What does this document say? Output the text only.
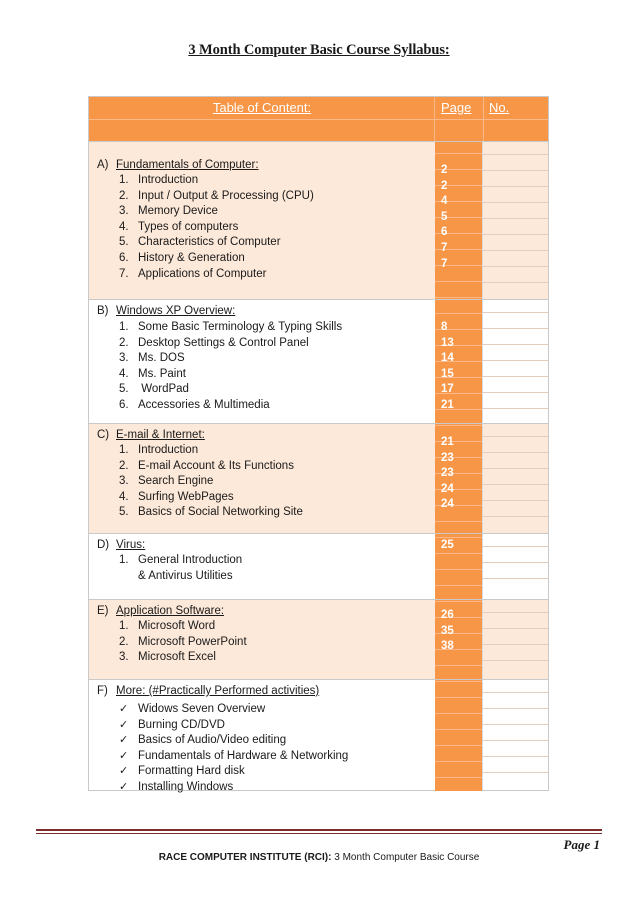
3 Month Computer Basic Course Syllabus:
Table of Content:	Page No.
A) Fundamentals of Computer:
1. Introduction
2. Input / Output & Processing (CPU)
3. Memory Device
4. Types of computers
5. Characteristics of Computer
6. History & Generation
7. Applications of Computer
2
2
4
5
6
7
7
B) Windows XP Overview:
1. Some Basic Terminology & Typing Skills
2. Desktop Settings & Control Panel
3. Ms. DOS
4. Ms. Paint
5. WordPad
6. Accessories & Multimedia
8
13
14
15
17
21
C) E-mail & Internet:
1. Introduction
2. E-mail Account & Its Functions
3. Search Engine
4. Surfing WebPages
5. Basics of Social Networking Site
21
23
23
24
24
D) Virus:
1. General Introduction
& Antivirus Utilities
25
E) Application Software:
1. Microsoft Word
2. Microsoft PowerPoint
3. Microsoft Excel
26
35
38
F) More: (#Practically Performed activities)
✓ Widows Seven Overview
✓ Burning CD/DVD
✓ Basics of Audio/Video editing
✓ Fundamentals of Hardware & Networking
✓ Formatting Hard disk
✓ Installing Windows
Page 1
RACE COMPUTER INSTITUTE (RCI): 3 Month Computer Basic Course
